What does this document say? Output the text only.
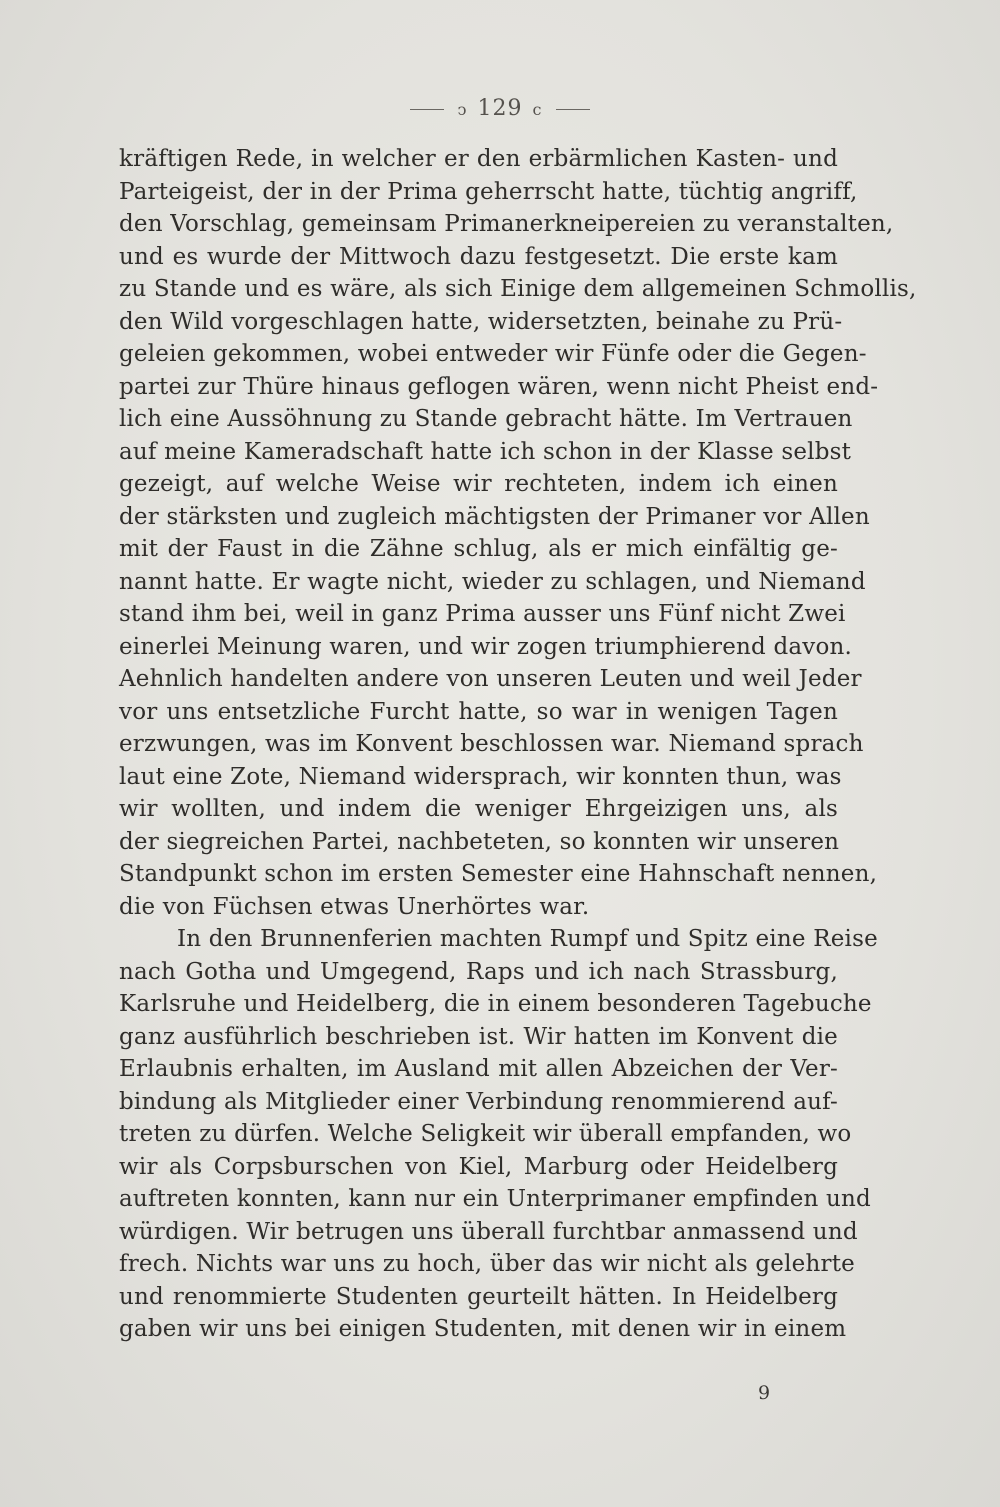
ↄ 129 c
kräftigen Rede, in welcher er den erbärmlichen Kasten- und
Parteigeist, der in der Prima geherrscht hatte, tüchtig angriff,
den Vorschlag, gemeinsam Primanerkneipereien zu veranstalten,
und es wurde der Mittwoch dazu festgesetzt. Die erste kam
zu Stande und es wäre, als sich Einige dem allgemeinen Schmollis,
den Wild vorgeschlagen hatte, widersetzten, beinahe zu Prü-
geleien gekommen, wobei entweder wir Fünfe oder die Gegen-
partei zur Thüre hinaus geflogen wären, wenn nicht Pheist end-
lich eine Aussöhnung zu Stande gebracht hätte. Im Vertrauen
auf meine Kameradschaft hatte ich schon in der Klasse selbst
gezeigt, auf welche Weise wir rechteten, indem ich einen
der stärksten und zugleich mächtigsten der Primaner vor Allen
mit der Faust in die Zähne schlug, als er mich einfältig ge-
nannt hatte. Er wagte nicht, wieder zu schlagen, und Niemand
stand ihm bei, weil in ganz Prima ausser uns Fünf nicht Zwei
einerlei Meinung waren, und wir zogen triumphierend davon.
Aehnlich handelten andere von unseren Leuten und weil Jeder
vor uns entsetzliche Furcht hatte, so war in wenigen Tagen
erzwungen, was im Konvent beschlossen war. Niemand sprach
laut eine Zote, Niemand widersprach, wir konnten thun, was
wir wollten, und indem die weniger Ehrgeizigen uns, als
der siegreichen Partei, nachbeteten, so konnten wir unseren
Standpunkt schon im ersten Semester eine Hahnschaft nennen,
die von Füchsen etwas Unerhörtes war.
In den Brunnenferien machten Rumpf und Spitz eine Reise
nach Gotha und Umgegend, Raps und ich nach Strassburg,
Karlsruhe und Heidelberg, die in einem besonderen Tagebuche
ganz ausführlich beschrieben ist. Wir hatten im Konvent die
Erlaubnis erhalten, im Ausland mit allen Abzeichen der Ver-
bindung als Mitglieder einer Verbindung renommierend auf-
treten zu dürfen. Welche Seligkeit wir überall empfanden, wo
wir als Corpsburschen von Kiel, Marburg oder Heidelberg
auftreten konnten, kann nur ein Unterprimaner empfinden und
würdigen. Wir betrugen uns überall furchtbar anmassend und
frech. Nichts war uns zu hoch, über das wir nicht als gelehrte
und renommierte Studenten geurteilt hätten. In Heidelberg
gaben wir uns bei einigen Studenten, mit denen wir in einem
9
